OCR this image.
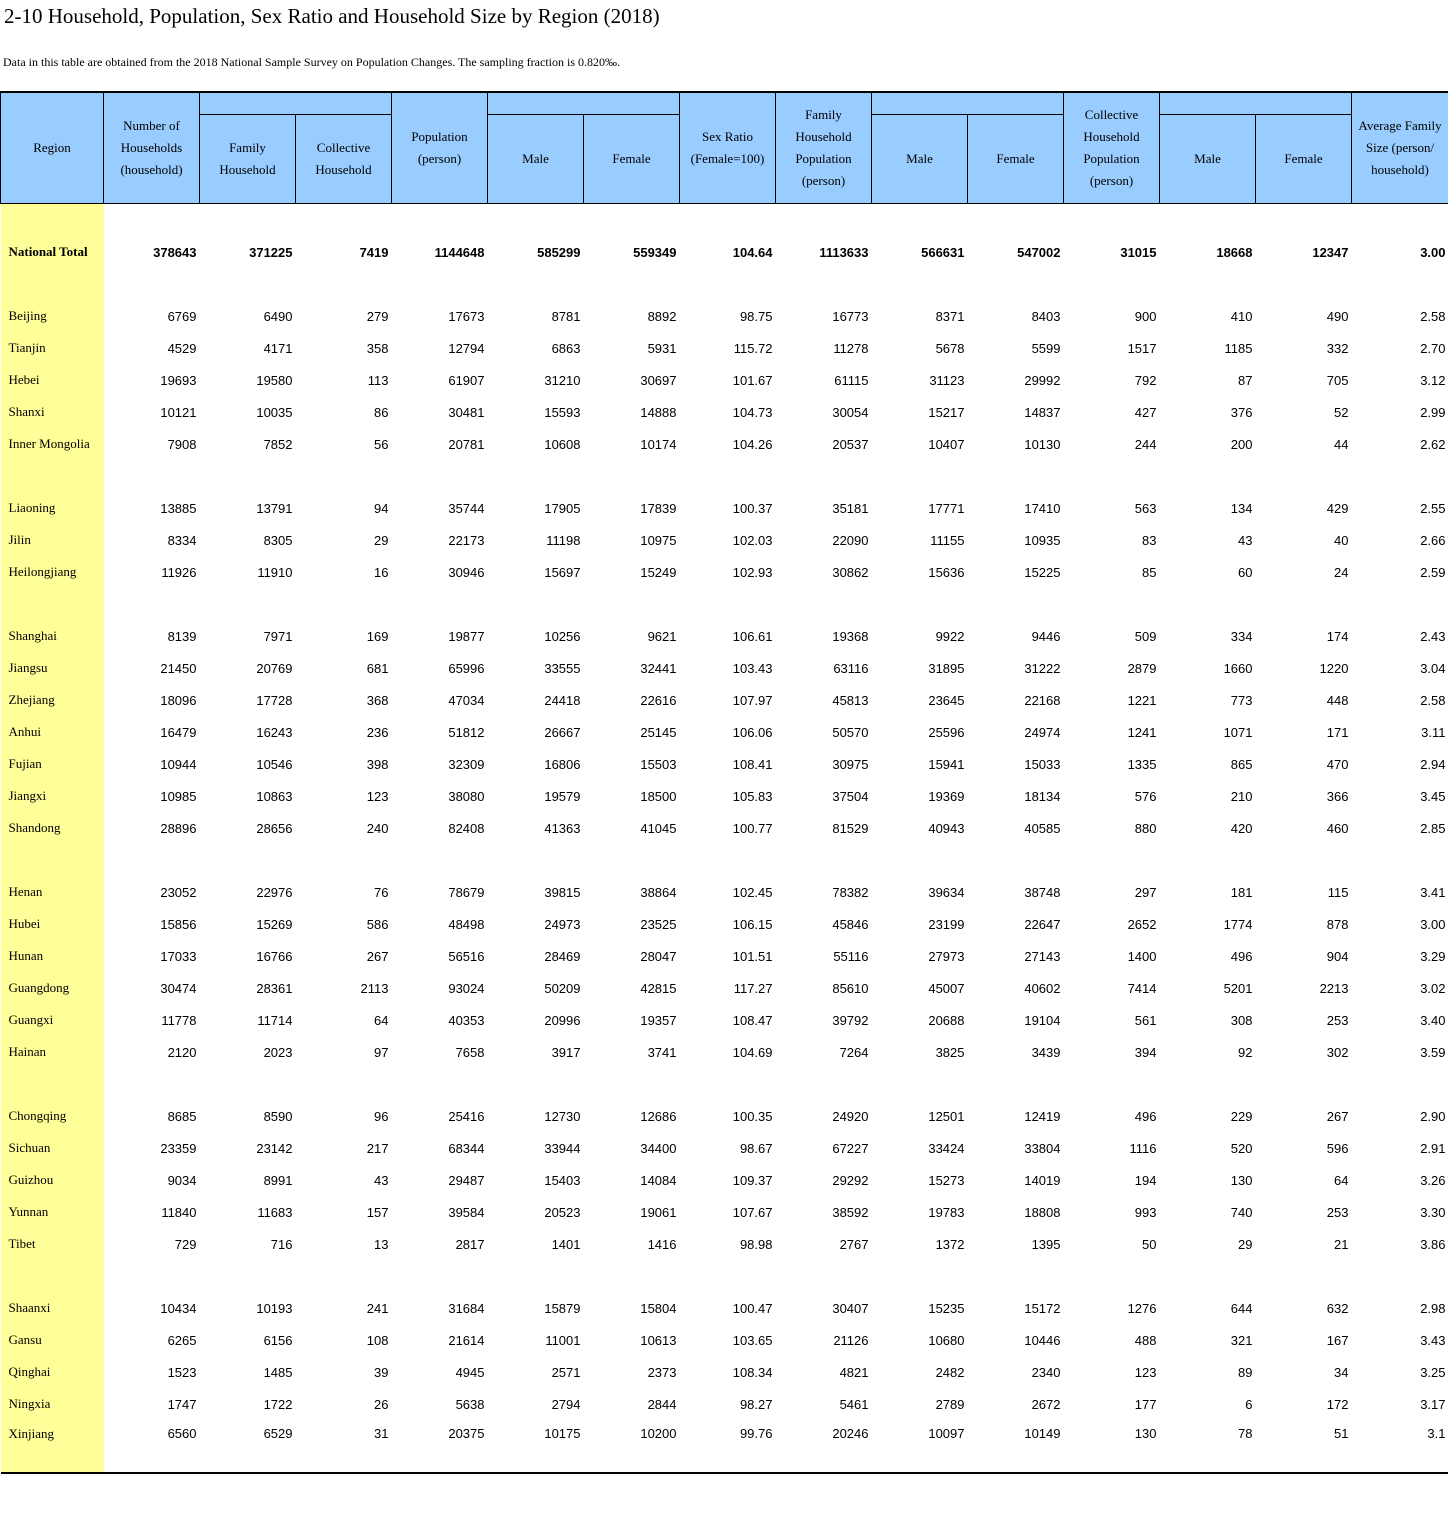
2-10 Household, Population, Sex Ratio and Household Size by Region (2018)
Data in this table are obtained from the 2018 National Sample Survey on Population Changes. The sampling fraction is 0.820‰.
Region	Number of Households (household)			Population (person)			Sex Ratio (Female=100)	Family Household Population (person)			Collective Household Population (person)			Average Family Size (person/ household)
		Family Household	Collective Household		Male	Female			Male	Female		Male	Female	
National Total	378643	371225	7419	1144648	585299	559349	104.64	1113633	566631	547002	31015	18668	12347	3.00
Beijing	6769	6490	279	17673	8781	8892	98.75	16773	8371	8403	900	410	490	2.58
Tianjin	4529	4171	358	12794	6863	5931	115.72	11278	5678	5599	1517	1185	332	2.70
Hebei	19693	19580	113	61907	31210	30697	101.67	61115	31123	29992	792	87	705	3.12
Shanxi	10121	10035	86	30481	15593	14888	104.73	30054	15217	14837	427	376	52	2.99
Inner Mongolia	7908	7852	56	20781	10608	10174	104.26	20537	10407	10130	244	200	44	2.62

Liaoning	13885	13791	94	35744	17905	17839	100.37	35181	17771	17410	563	134	429	2.55
Jilin	8334	8305	29	22173	11198	10975	102.03	22090	11155	10935	83	43	40	2.66
Heilongjiang	11926	11910	16	30946	15697	15249	102.93	30862	15636	15225	85	60	24	2.59

Shanghai	8139	7971	169	19877	10256	9621	106.61	19368	9922	9446	509	334	174	2.43
Jiangsu	21450	20769	681	65996	33555	32441	103.43	63116	31895	31222	2879	1660	1220	3.04
Zhejiang	18096	17728	368	47034	24418	22616	107.97	45813	23645	22168	1221	773	448	2.58
Anhui	16479	16243	236	51812	26667	25145	106.06	50570	25596	24974	1241	1071	171	3.11
Fujian	10944	10546	398	32309	16806	15503	108.41	30975	15941	15033	1335	865	470	2.94
Jiangxi	10985	10863	123	38080	19579	18500	105.83	37504	19369	18134	576	210	366	3.45
Shandong	28896	28656	240	82408	41363	41045	100.77	81529	40943	40585	880	420	460	2.85

Henan	23052	22976	76	78679	39815	38864	102.45	78382	39634	38748	297	181	115	3.41
Hubei	15856	15269	586	48498	24973	23525	106.15	45846	23199	22647	2652	1774	878	3.00
Hunan	17033	16766	267	56516	28469	28047	101.51	55116	27973	27143	1400	496	904	3.29
Guangdong	30474	28361	2113	93024	50209	42815	117.27	85610	45007	40602	7414	5201	2213	3.02
Guangxi	11778	11714	64	40353	20996	19357	108.47	39792	20688	19104	561	308	253	3.40
Hainan	2120	2023	97	7658	3917	3741	104.69	7264	3825	3439	394	92	302	3.59

Chongqing	8685	8590	96	25416	12730	12686	100.35	24920	12501	12419	496	229	267	2.90
Sichuan	23359	23142	217	68344	33944	34400	98.67	67227	33424	33804	1116	520	596	2.91
Guizhou	9034	8991	43	29487	15403	14084	109.37	29292	15273	14019	194	130	64	3.26
Yunnan	11840	11683	157	39584	20523	19061	107.67	38592	19783	18808	993	740	253	3.30
Tibet	729	716	13	2817	1401	1416	98.98	2767	1372	1395	50	29	21	3.86

Shaanxi	10434	10193	241	31684	15879	15804	100.47	30407	15235	15172	1276	644	632	2.98
Gansu	6265	6156	108	21614	11001	10613	103.65	21126	10680	10446	488	321	167	3.43
Qinghai	1523	1485	39	4945	2571	2373	108.34	4821	2482	2340	123	89	34	3.25
Ningxia	1747	1722	26	5638	2794	2844	98.27	5461	2789	2672	177	6	172	3.17
Xinjiang	6560	6529	31	20375	10175	10200	99.76	20246	10097	10149	130	78	51	3.1
